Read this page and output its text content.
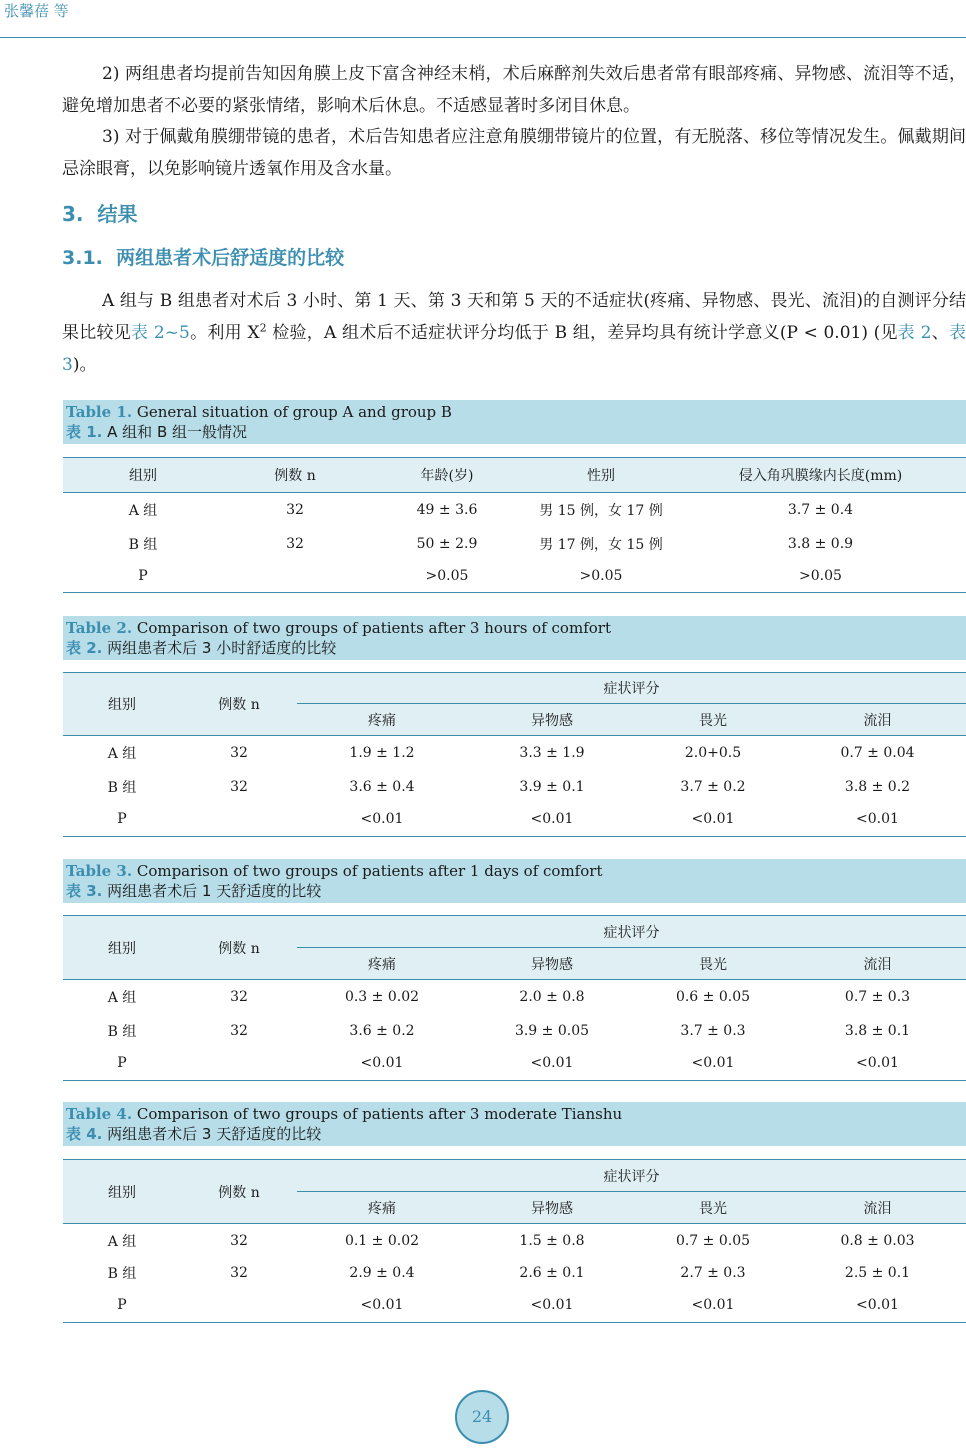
张馨蓓 等

2) 两组患者均提前告知因角膜上皮下富含神经末梢，术后麻醉剂失效后患者常有眼部疼痛、异物感、流泪等不适，避免增加患者不必要的紧张情绪，影响术后休息。不适感显著时多闭目休息。

3) 对于佩戴角膜绷带镜的患者，术后告知患者应注意角膜绷带镜片的位置，有无脱落、移位等情况发生。佩戴期间忌涂眼膏，以免影响镜片透氧作用及含水量。

3. 结果
3.1. 两组患者术后舒适度的比较

A 组与 B 组患者对术后 3 小时、第 1 天、第 3 天和第 5 天的不适症状(疼痛、异物感、畏光、流泪)的自测评分结果比较见表 2~5。利用 $X^2$ 检验，A 组术后不适症状评分均低于 B 组，差异均具有统计学意义(P < 0.01) (见表 2、表 3)。

Table 1. General situation of group A and group B
表 1. A 组和 B 组一般情况
组别	例数 n	年龄(岁)	性别	侵入角巩膜缘内长度(mm)
A 组	32	49 ± 3.6	男 15 例，女 17 例	3.7 ± 0.4
B 组	32	50 ± 2.9	男 17 例，女 15 例	3.8 ± 0.9
P		>0.05	>0.05	>0.05
Table 2. Comparison of two groups of patients after 3 hours of comfort
表 2. 两组患者术后 3 小时舒适度的比较
组别	例数 n	症状评分			
		疼痛	异物感	畏光	流泪
A 组	32	1.9 ± 1.2	3.3 ± 1.9	2.0+0.5	0.7 ± 0.04
B 组	32	3.6 ± 0.4	3.9 ± 0.1	3.7 ± 0.2	3.8 ± 0.2
P		<0.01	<0.01	<0.01	<0.01
Table 3. Comparison of two groups of patients after 1 days of comfort
表 3. 两组患者术后 1 天舒适度的比较
组别	例数 n	症状评分			
		疼痛	异物感	畏光	流泪
A 组	32	0.3 ± 0.02	2.0 ± 0.8	0.6 ± 0.05	0.7 ± 0.3
B 组	32	3.6 ± 0.2	3.9 ± 0.05	3.7 ± 0.3	3.8 ± 0.1
P		<0.01	<0.01	<0.01	<0.01
Table 4. Comparison of two groups of patients after 3 moderate Tianshu
表 4. 两组患者术后 3 天舒适度的比较
组别	例数 n	症状评分			
		疼痛	异物感	畏光	流泪
A 组	32	0.1 ± 0.02	1.5 ± 0.8	0.7 ± 0.05	0.8 ± 0.03
B 组	32	2.9 ± 0.4	2.6 ± 0.1	2.7 ± 0.3	2.5 ± 0.1
P		<0.01	<0.01	<0.01	<0.01
24
